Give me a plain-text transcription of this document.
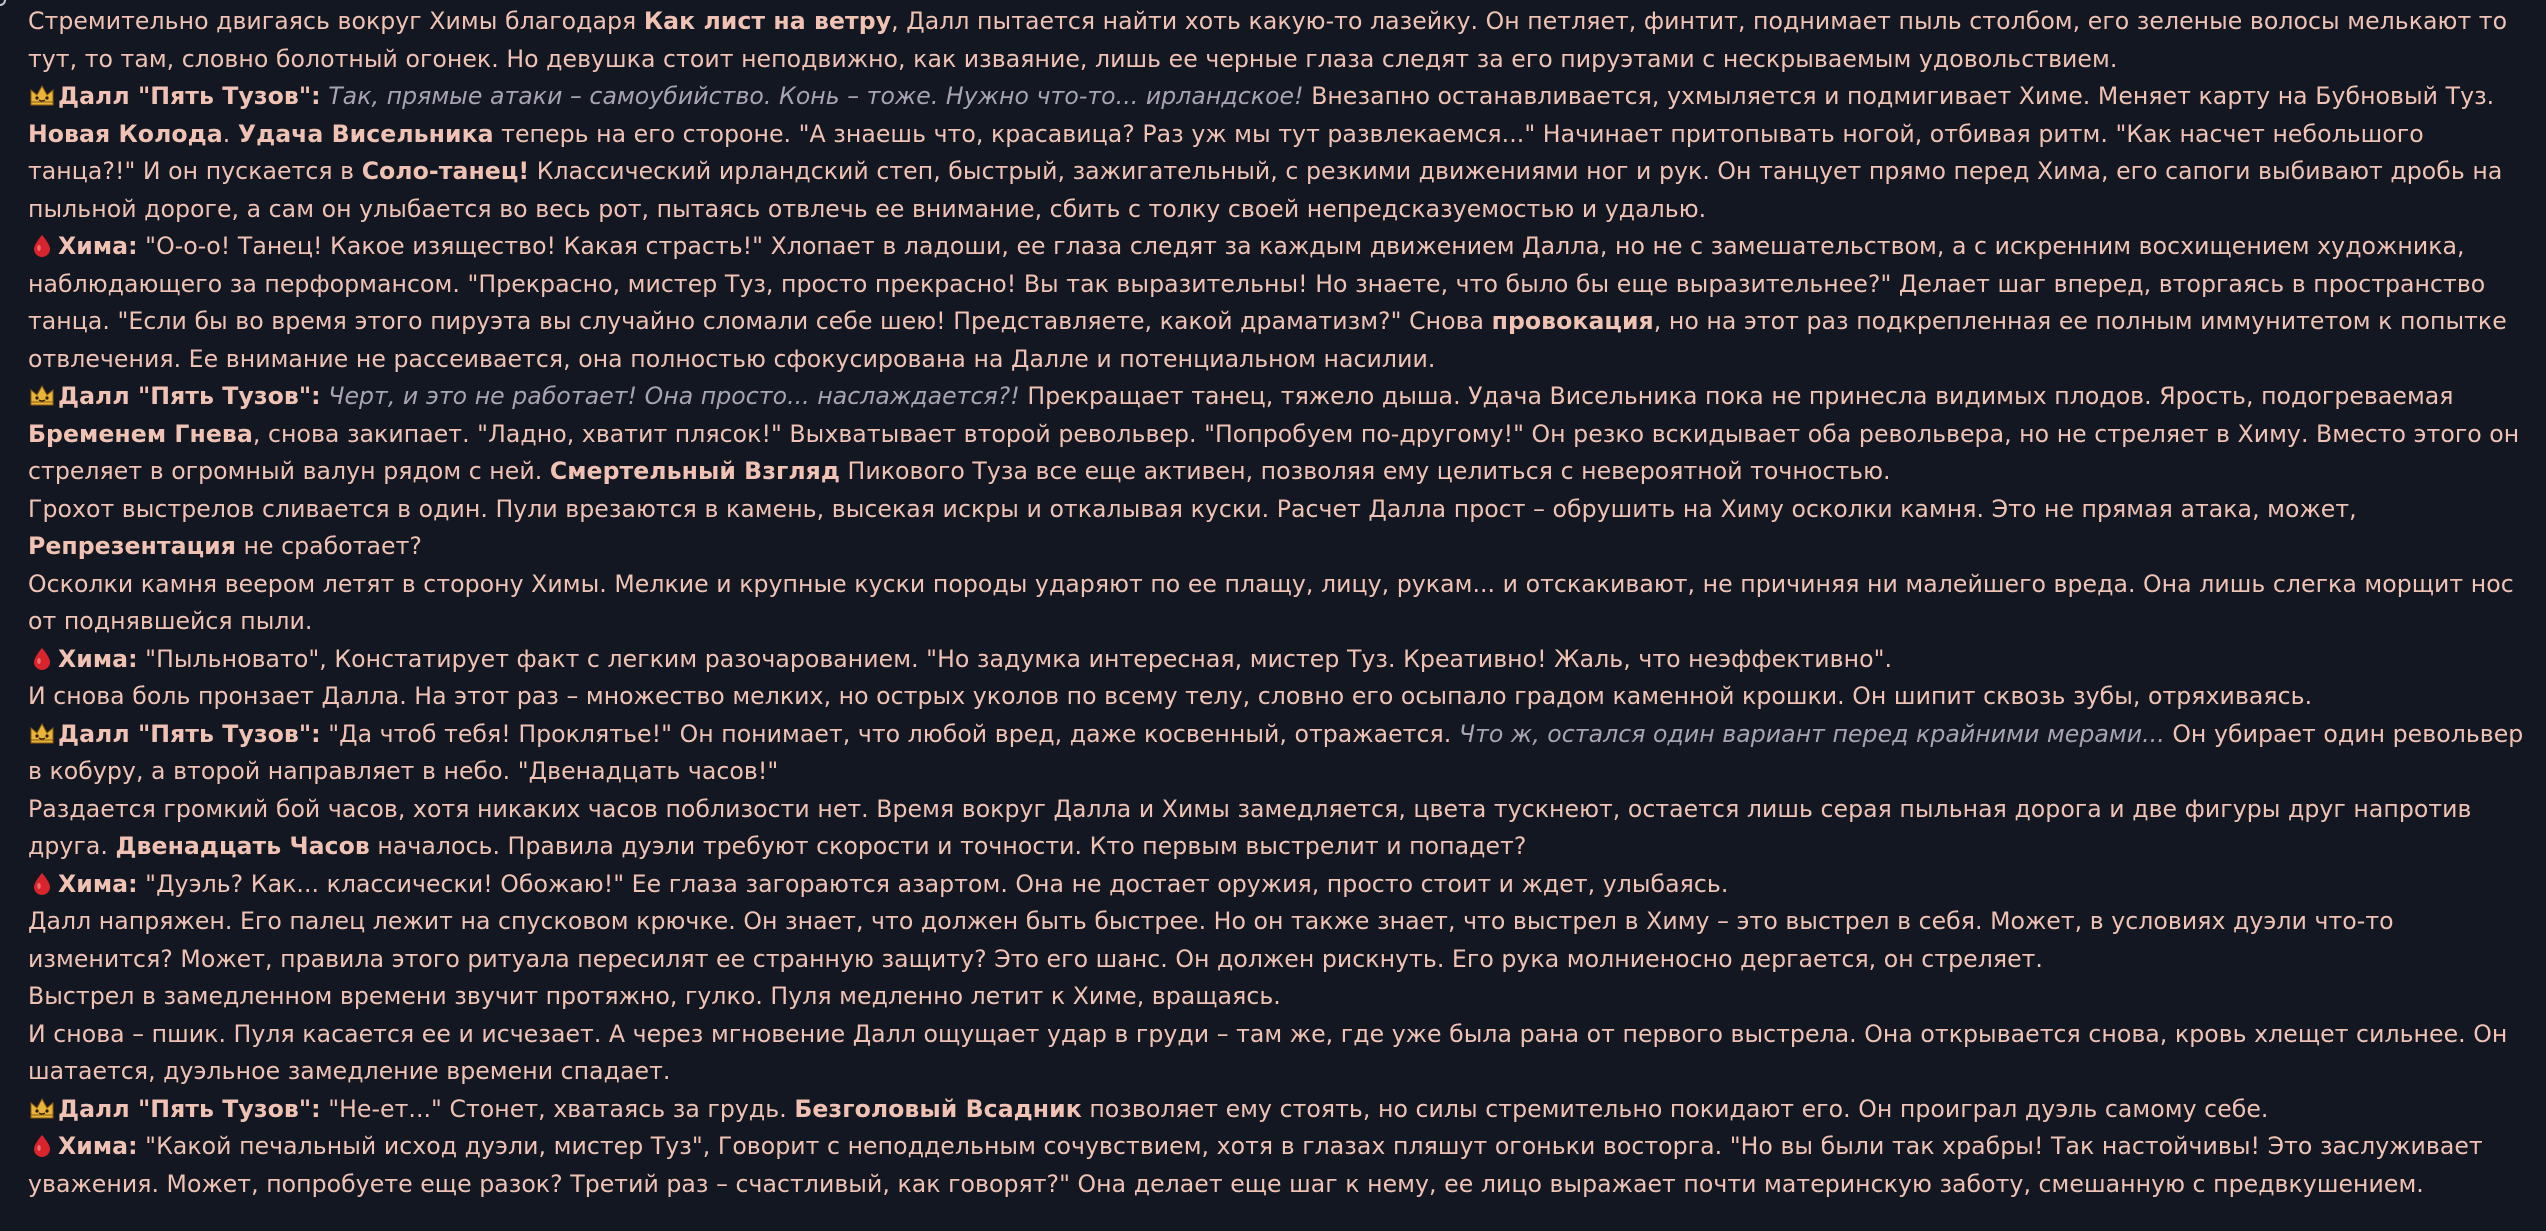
Стремительно двигаясь вокруг Химы благодаря Как лист на ветру, Далл пытается найти хоть какую-то лазейку. Он петляет, финтит, поднимает пыль столбом, его зеленые волосы мелькают то тут, то там, словно болотный огонек. Но девушка стоит неподвижно, как изваяние, лишь ее черные глаза следят за его пируэтами с нескрываемым удовольствием.
Далл "Пять Тузов": Так, прямые атаки – самоубийство. Конь – тоже. Нужно что-то... ирландское! Внезапно останавливается, ухмыляется и подмигивает Химе. Меняет карту на Бубновый Туз. Новая Колода. Удача Висельника теперь на его стороне. "А знаешь что, красавица? Раз уж мы тут развлекаемся..." Начинает притопывать ногой, отбивая ритм. "Как насчет небольшого танца?!" И он пускается в Соло-танец! Классический ирландский степ, быстрый, зажигательный, с резкими движениями ног и рук. Он танцует прямо перед Хима, его сапоги выбивают дробь на пыльной дороге, а сам он улыбается во весь рот, пытаясь отвлечь ее внимание, сбить с толку своей непредсказуемостью и удалью.
Хима: "О-о-о! Танец! Какое изящество! Какая страсть!" Хлопает в ладоши, ее глаза следят за каждым движением Далла, но не с замешательством, а с искренним восхищением художника, наблюдающего за перформансом. "Прекрасно, мистер Туз, просто прекрасно! Вы так выразительны! Но знаете, что было бы еще выразительнее?" Делает шаг вперед, вторгаясь в пространство танца. "Если бы во время этого пируэта вы случайно сломали себе шею! Представляете, какой драматизм?" Снова провокация, но на этот раз подкрепленная ее полным иммунитетом к попытке отвлечения. Ее внимание не рассеивается, она полностью сфокусирована на Далле и потенциальном насилии.
Далл "Пять Тузов": Черт, и это не работает! Она просто... наслаждается?! Прекращает танец, тяжело дыша. Удача Висельника пока не принесла видимых плодов. Ярость, подогреваемая Бременем Гнева, снова закипает. "Ладно, хватит плясок!" Выхватывает второй револьвер. "Попробуем по-другому!" Он резко вскидывает оба револьвера, но не стреляет в Химу. Вместо этого он стреляет в огромный валун рядом с ней. Смертельный Взгляд Пикового Туза все еще активен, позволяя ему целиться с невероятной точностью.
Грохот выстрелов сливается в один. Пули врезаются в камень, высекая искры и откалывая куски. Расчет Далла прост – обрушить на Химу осколки камня. Это не прямая атака, может, Репрезентация не сработает?
Осколки камня веером летят в сторону Химы. Мелкие и крупные куски породы ударяют по ее плащу, лицу, рукам... и отскакивают, не причиняя ни малейшего вреда. Она лишь слегка морщит нос от поднявшейся пыли.
Хима: "Пыльновато", Констатирует факт с легким разочарованием. "Но задумка интересная, мистер Туз. Креативно! Жаль, что неэффективно".
И снова боль пронзает Далла. На этот раз – множество мелких, но острых уколов по всему телу, словно его осыпало градом каменной крошки. Он шипит сквозь зубы, отряхиваясь.
Далл "Пять Тузов": "Да чтоб тебя! Проклятье!" Он понимает, что любой вред, даже косвенный, отражается. Что ж, остался один вариант перед крайними мерами... Он убирает один револьвер в кобуру, а второй направляет в небо. "Двенадцать часов!"
Раздается громкий бой часов, хотя никаких часов поблизости нет. Время вокруг Далла и Химы замедляется, цвета тускнеют, остается лишь серая пыльная дорога и две фигуры друг напротив друга. Двенадцать Часов началось. Правила дуэли требуют скорости и точности. Кто первым выстрелит и попадет?
Хима: "Дуэль? Как... классически! Обожаю!" Ее глаза загораются азартом. Она не достает оружия, просто стоит и ждет, улыбаясь.
Далл напряжен. Его палец лежит на спусковом крючке. Он знает, что должен быть быстрее. Но он также знает, что выстрел в Химу – это выстрел в себя. Может, в условиях дуэли что-то изменится? Может, правила этого ритуала пересилят ее странную защиту? Это его шанс. Он должен рискнуть. Его рука молниеносно дергается, он стреляет.
Выстрел в замедленном времени звучит протяжно, гулко. Пуля медленно летит к Химе, вращаясь.
И снова – пшик. Пуля касается ее и исчезает. А через мгновение Далл ощущает удар в груди – там же, где уже была рана от первого выстрела. Она открывается снова, кровь хлещет сильнее. Он шатается, дуэльное замедление времени спадает.
Далл "Пять Тузов": "Не-ет..." Стонет, хватаясь за грудь. Безголовый Всадник позволяет ему стоять, но силы стремительно покидают его. Он проиграл дуэль самому себе.
Хима: "Какой печальный исход дуэли, мистер Туз", Говорит с неподдельным сочувствием, хотя в глазах пляшут огоньки восторга. "Но вы были так храбры! Так настойчивы! Это заслуживает уважения. Может, попробуете еще разок? Третий раз – счастливый, как говорят?" Она делает еще шаг к нему, ее лицо выражает почти материнскую заботу, смешанную с предвкушением.
